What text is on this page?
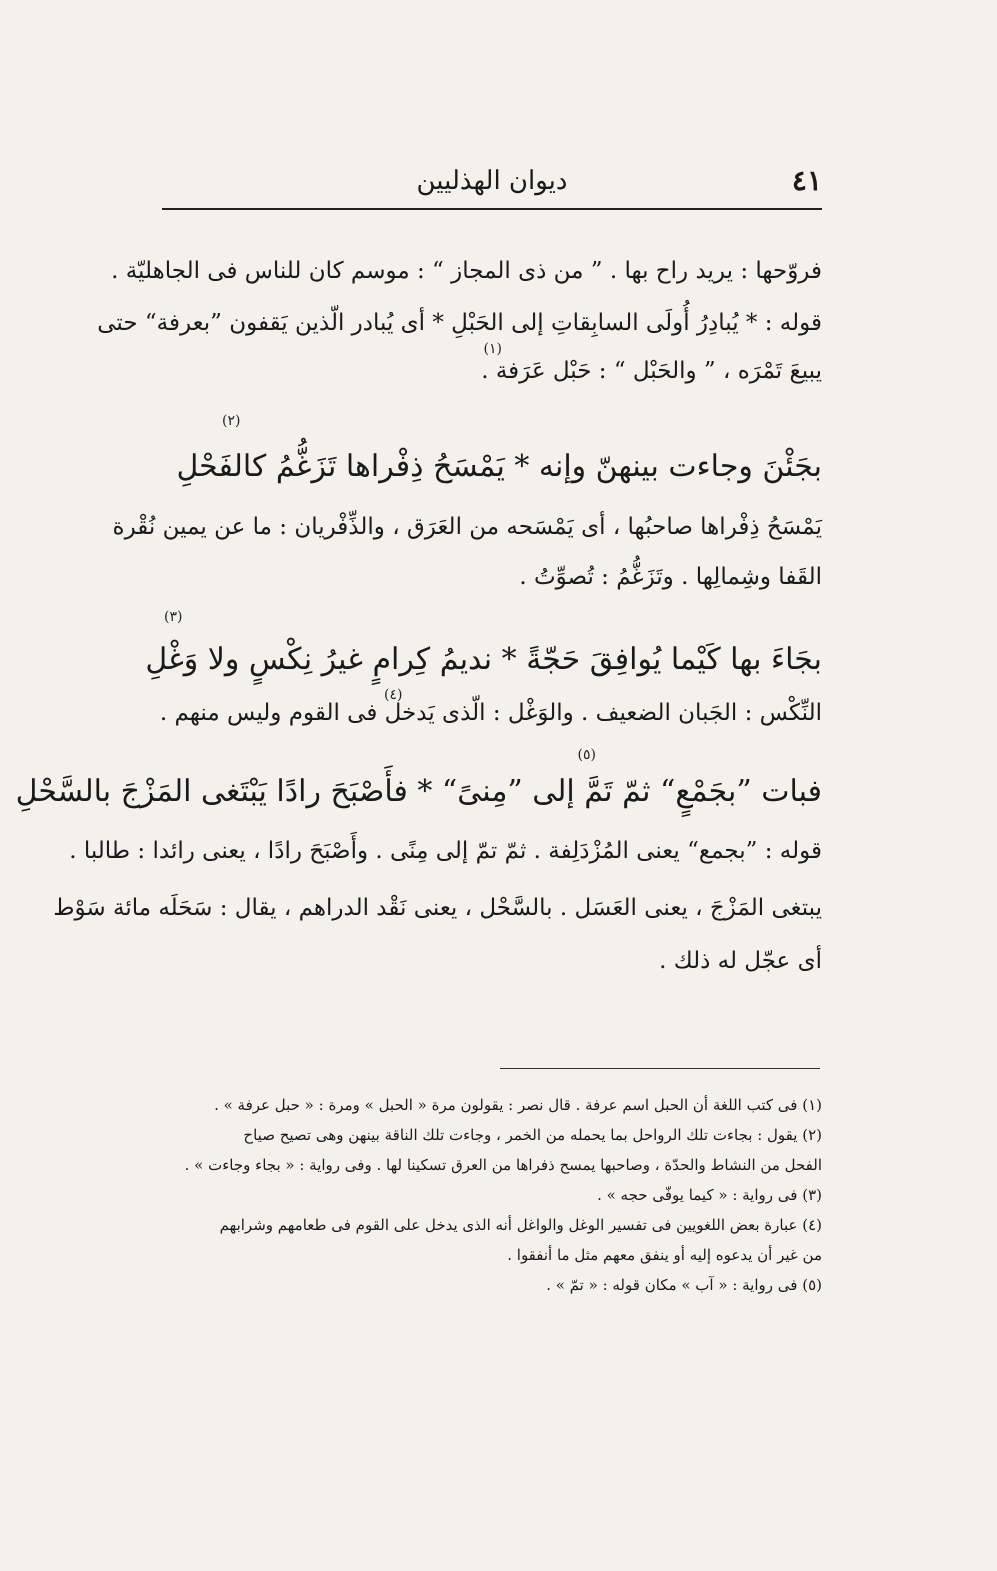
٤١
ديوان الهذليين
فروّحها : يريد راح بها . ” من ذى المجاز “ : موسم كان للناس فى الجاهليّة .
قوله : * يُبادِرُ أُولَى السابِقاتِ إلى الحَبْلِ * أى يُبادر الّذين يَقفون ”بعرفة“ حتى
يبيعَ تَمْرَه ، ” والحَبْل “ : حَبْل عَرَفة .
(١)
(٢)
بجَئْنَ وجاءت بينهنّ وإنه * يَمْسَحُ ذِفْراها تَزَغُّمُ كالفَحْلِ
يَمْسَحُ ذِفْراها صاحبُها ، أى يَمْسَحه من العَرَق ، والذِّفْريان : ما عن يمين نُقْرة
القَفا وشِمالِها . وتَزَغُّمُ : تُصوِّتُ .
(٣)
بجَاءَ بها كَيْما يُوافِقَ حَجّةً * نديمُ كِرامٍ غيرُ نِكْسٍ ولا وَغْلِ
النِّكْس : الجَبان الضعيف . والوَغْل : الّذى يَدخل فى القوم وليس منهم .
(٤)
(٥)
فبات ”بجَمْعٍ“ ثمّ تَمَّ إلى ”مِنىً“ * فأَصْبَحَ رادًا يَبْتَغى المَزْجَ بالسَّحْلِ
قوله : ”بجمع“ يعنى المُزْدَلِفة . ثمّ تمّ إلى مِنًى . وأَصْبَحَ رادًا ، يعنى رائدا : طالبا .
يبتغى المَزْجَ ، يعنى العَسَل . بالسَّحْل ، يعنى نَقْد الدراهم ، يقال : سَحَلَه مائة سَوْط
أى عجّل له ذلك .
(١) فى كتب اللغة أن الحبل اسم عرفة . قال نصر : يقولون مرة « الحبل » ومرة : « حبل عرفة » .
(٢) يقول : بجاءت تلك الرواحل بما يحمله من الخمر ، وجاءت تلك الناقة بينهن وهى تصيح صياح
الفحل من النشاط والحدّة ، وصاحبها يمسح ذفراها من العرق تسكينا لها . وفى رواية : « بجاء وجاءت » .
(٣) فى رواية : « كيما يوفّى حجه » .
(٤) عبارة بعض اللغويين فى تفسير الوغل والواغل أنه الذى يدخل على القوم فى طعامهم وشرابهم
من غير أن يدعوه إليه أو ينفق معهم مثل ما أنفقوا .
(٥) فى رواية : « آب » مكان قوله : « تمّ » .
